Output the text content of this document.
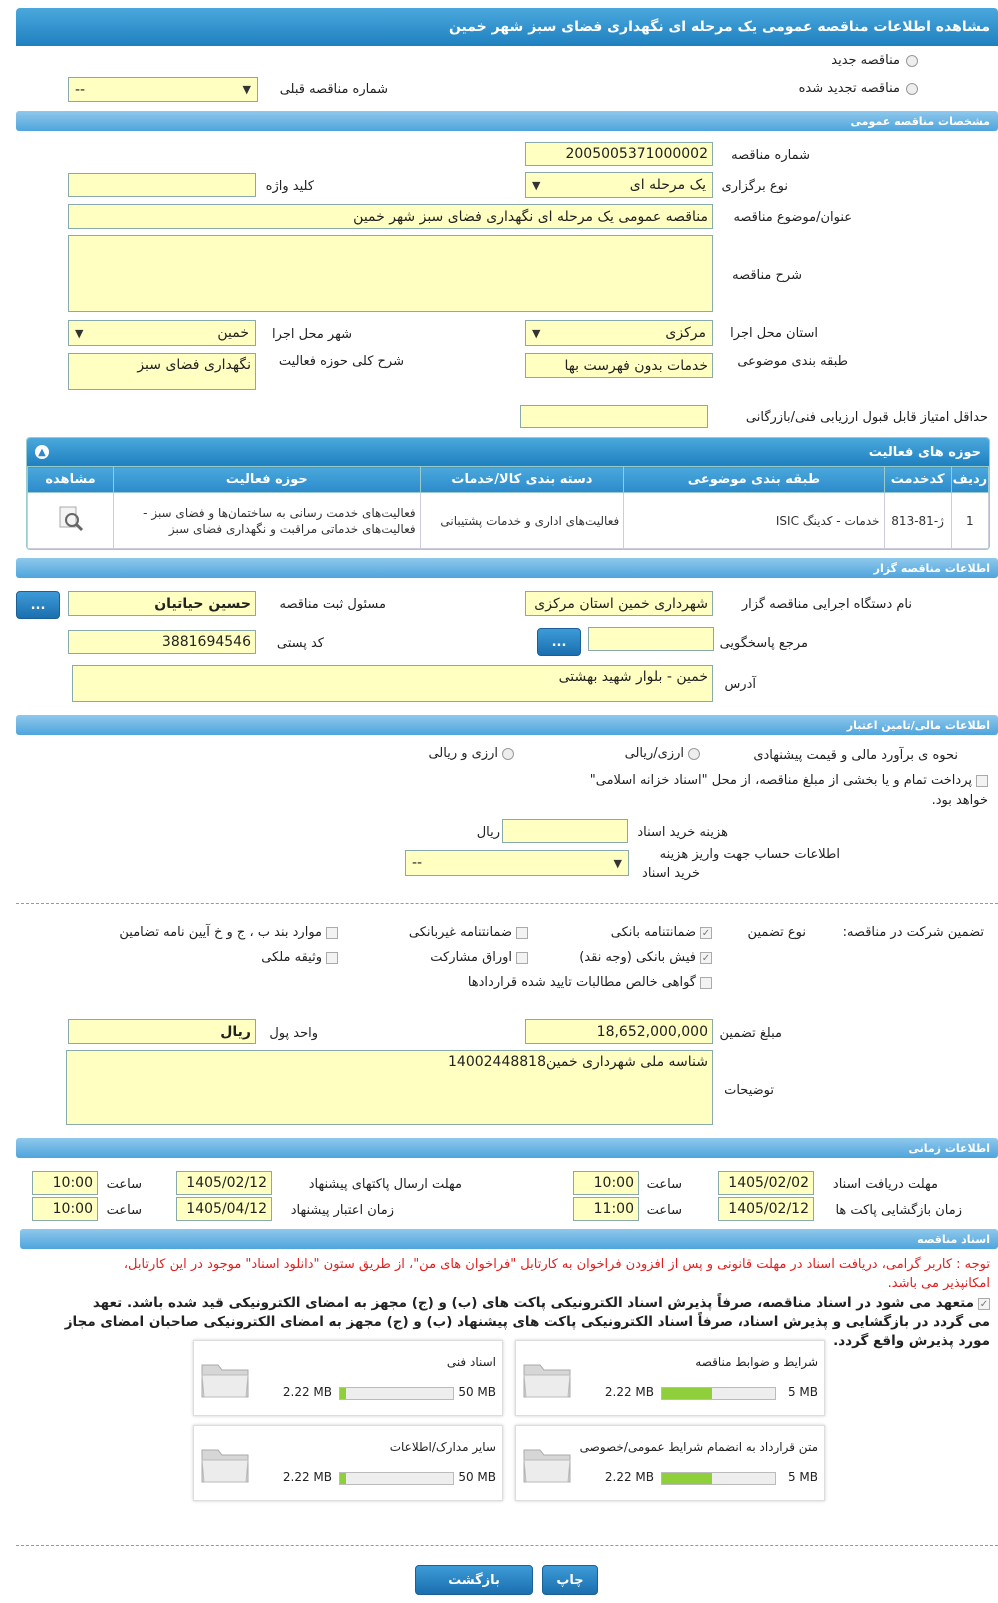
مشاهده اطلاعات مناقصه عمومی یک مرحله ای نگهداری فضای سبز شهر خمین
مناقصه جدید
مناقصه تجدید شده
شماره مناقصه قبلی
▼
--
مشخصات مناقصه عمومی
شماره مناقصه
2005005371000002
نوع برگزاری
یک مرحله ای
▼
کلید واژه
عنوان/موضوع مناقصه
مناقصه عمومی یک مرحله ای نگهداری فضای سبز شهر خمین
شرح مناقصه
استان محل اجرا
مرکزی
▼
شهر محل اجرا
خمین
▼
طبقه بندی موضوعی
خدمات بدون فهرست بها
شرح کلی حوزه فعالیت
نگهداری فضای سبز
حداقل امتیاز قابل قبول ارزیابی فنی/بازرگانی
حوزه های فعالیت
▲
ردیف	کدخدمت	طبقه بندی موضوعی	دسته بندی کالا/خدمات	حوزه فعالیت	مشاهده
1	ژ-81-813	خدمات - کدینگ ISIC	فعالیت‌های اداری و خدمات پشتیبانی	فعالیت‌های خدمت رسانی به ساختمان‌ها و فضای سبز - فعالیت‌های خدماتی مراقبت و نگهداری فضای سبز	
اطلاعات مناقصه گزار
نام دستگاه اجرایی مناقصه گزار
شهرداری خمین استان مرکزی
مسئول ثبت مناقصه
حسین حیاتیان
...
مرجع پاسخگویی
...
کد پستی
3881694546
آدرس
خمین - بلوار شهید بهشتی
اطلاعات مالی/تامین اعتبار
نحوه ی برآورد مالی و قیمت پیشنهادی
ارزی/ریالی
ارزی و ریالی
پرداخت تمام و یا بخشی از مبلغ مناقصه، از محل "اسناد خزانه اسلامی"
خواهد بود.
هزینه خرید اسناد
ریال
اطلاعات حساب جهت واریز هزینه
خرید اسناد
▼
--
تضمین شرکت در مناقصه:
نوع تضمین
✓
ضمانتنامه بانکی
ضمانتنامه غیربانکی
موارد بند ب ، ج و خ آیین نامه تضامین
✓
فیش بانکی (وجه نقد)
اوراق مشارکت
وثیقه ملکی
گواهی خالص مطالبات تایید شده قراردادها
مبلغ تضمین
18,652,000,000
واحد پول
ریال
توضیحات
شناسه ملی شهرداری خمین14002448818
اطلاعات زمانی
مهلت دریافت اسناد
1405/02/02
ساعت
10:00
مهلت ارسال پاکتهای پیشنهاد
1405/02/12
ساعت
10:00
زمان بازگشایی پاکت ها
1405/02/12
ساعت
11:00
زمان اعتبار پیشنهاد
1405/04/12
ساعت
10:00
اسناد مناقصه
توجه : کاربر گرامی، دریافت اسناد در مهلت قانونی و پس از افزودن فراخوان به کارتابل "فراخوان های من"، از طریق ستون "دانلود اسناد" موجود در این کارتابل،
امکانپذیر می باشد.
✓
متعهد می شود در اسناد مناقصه، صرفاً پذیرش اسناد الکترونیکی پاکت های (ب) و (ج) مجهز به امضای الکترونیکی قید شده باشد. تعهد
می گردد در بازگشایی و پذیرش اسناد، صرفاً اسناد الکترونیکی پاکت های پیشنهاد (ب) و (ج) مجهز به امضای الکترونیکی صاحبان امضای مجاز
مورد پذیرش واقع گردد.
شرایط و ضوابط مناقصه
5 MB
2.22 MB
اسناد فنی
50 MB
2.22 MB
متن قرارداد به انضمام شرایط عمومی/خصوصی
5 MB
2.22 MB
سایر مدارک/اطلاعات
50 MB
2.22 MB
بازگشت	چاپ
